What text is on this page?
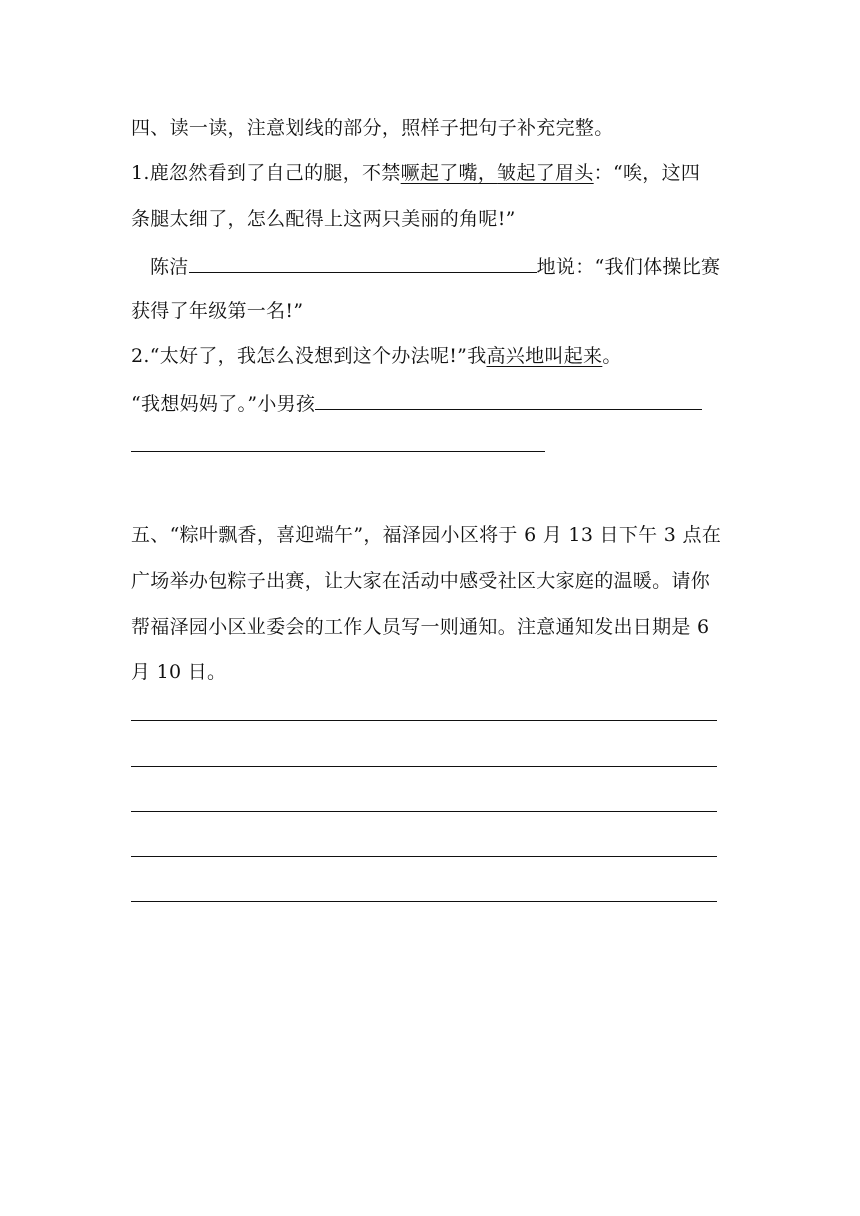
四、读一读，注意划线的部分，照样子把句子补充完整。
1.鹿忽然看到了自己的腿，不禁噘起了嘴，皱起了眉头：“唉，这四
条腿太细了，怎么配得上这两只美丽的角呢!”
陈洁	地说：“我们体操比赛
获得了年级第一名!”
2.“太好了，我怎么没想到这个办法呢!”我高兴地叫起来。
“我想妈妈了。”小男孩
五、“粽叶飘香，喜迎端午”，福泽园小区将于 6 月 13 日下午 3 点在
广场举办包粽子出赛，让大家在活动中感受社区大家庭的温暖。请你
帮福泽园小区业委会的工作人员写一则通知。注意通知发出日期是 6
月 10 日。
